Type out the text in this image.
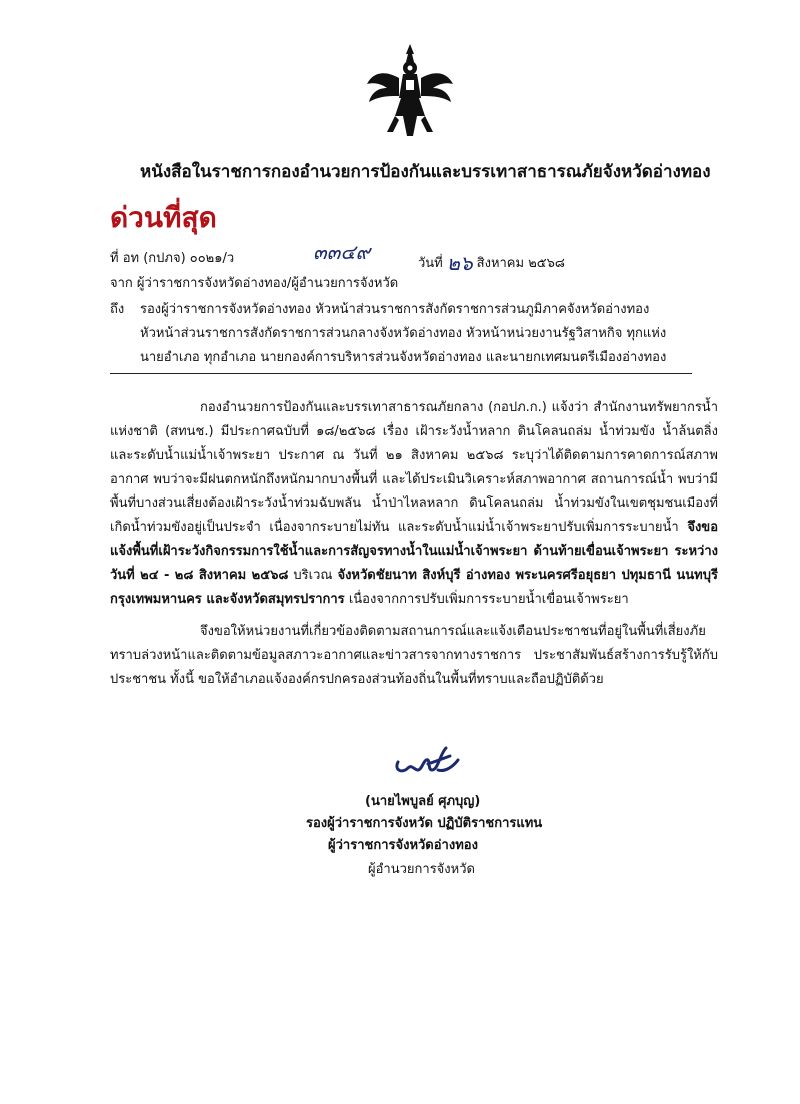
หนังสือในราชการกองอำนวยการป้องกันและบรรเทาสาธารณภัยจังหวัดอ่างทอง
ด่วนที่สุด
ที่ อท (กปภจ) ๐๐๒๑/ว	๓๓๔๙	วันที่ ๒๖ สิงหาคม ๒๕๖๘
จาก ผู้ว่าราชการจังหวัดอ่างทอง/ผู้อำนวยการจังหวัด
ถึง รองผู้ว่าราชการจังหวัดอ่างทอง หัวหน้าส่วนราชการสังกัดราชการส่วนภูมิภาคจังหวัดอ่างทอง
หัวหน้าส่วนราชการสังกัดราชการส่วนกลางจังหวัดอ่างทอง หัวหน้าหน่วยงานรัฐวิสาหกิจ ทุกแห่ง
นายอำเภอ ทุกอำเภอ นายกองค์การบริหารส่วนจังหวัดอ่างทอง และนายกเทศมนตรีเมืองอ่างทอง
กองอำนวยการป้องกันและบรรเทาสาธารณภัยกลาง (กอปภ.ก.) แจ้งว่า สำนักงานทรัพยากรน้ำแห่งชาติ (สทนช.) มีประกาศฉบับที่ ๑๘/๒๕๖๘ เรื่อง เฝ้าระวังน้ำหลาก ดินโคลนถล่ม น้ำท่วมขัง น้ำล้นตลิ่ง และระดับน้ำแม่น้ำเจ้าพระยา ประกาศ ณ วันที่ ๒๑ สิงหาคม ๒๕๖๘ ระบุว่าได้ติดตามการคาดการณ์สภาพอากาศ พบว่าจะมีฝนตกหนักถึงหนักมากบางพื้นที่ และได้ประเมินวิเคราะห์สภาพอากาศ สถานการณ์น้ำ พบว่ามีพื้นที่บางส่วนเสี่ยงต้องเฝ้าระวังน้ำท่วมฉับพลัน น้ำป่าไหลหลาก ดินโคลนถล่ม น้ำท่วมขังในเขตชุมชนเมืองที่เกิดน้ำท่วมขังอยู่เป็นประจำ เนื่องจากระบายไม่ทัน และระดับน้ำแม่น้ำเจ้าพระยาปรับเพิ่มการระบายน้ำ จึงขอแจ้งพื้นที่เฝ้าระวังกิจกรรมการใช้น้ำและการสัญจรทางน้ำในแม่น้ำเจ้าพระยา ด้านท้ายเขื่อนเจ้าพระยา ระหว่างวันที่ ๒๔ - ๒๘ สิงหาคม ๒๕๖๘ บริเวณ จังหวัดชัยนาท สิงห์บุรี อ่างทอง พระนครศรีอยุธยา ปทุมธานี นนทบุรีกรุงเทพมหานคร และจังหวัดสมุทรปราการ เนื่องจากการปรับเพิ่มการระบายน้ำเขื่อนเจ้าพระยา
จึงขอให้หน่วยงานที่เกี่ยวข้องติดตามสถานการณ์และแจ้งเตือนประชาชนที่อยู่ในพื้นที่เสี่ยงภัยทราบล่วงหน้าและติดตามข้อมูลสภาวะอากาศและข่าวสารจากทางราชการ ประชาสัมพันธ์สร้างการรับรู้ให้กับประชาชน ทั้งนี้ ขอให้อำเภอแจ้งองค์กรปกครองส่วนท้องถิ่นในพื้นที่ทราบและถือปฏิบัติด้วย
(นายไพบูลย์ ศุภบุญ)
รองผู้ว่าราชการจังหวัด ปฏิบัติราชการแทน
ผู้ว่าราชการจังหวัดอ่างทอง
ผู้อำนวยการจังหวัด
